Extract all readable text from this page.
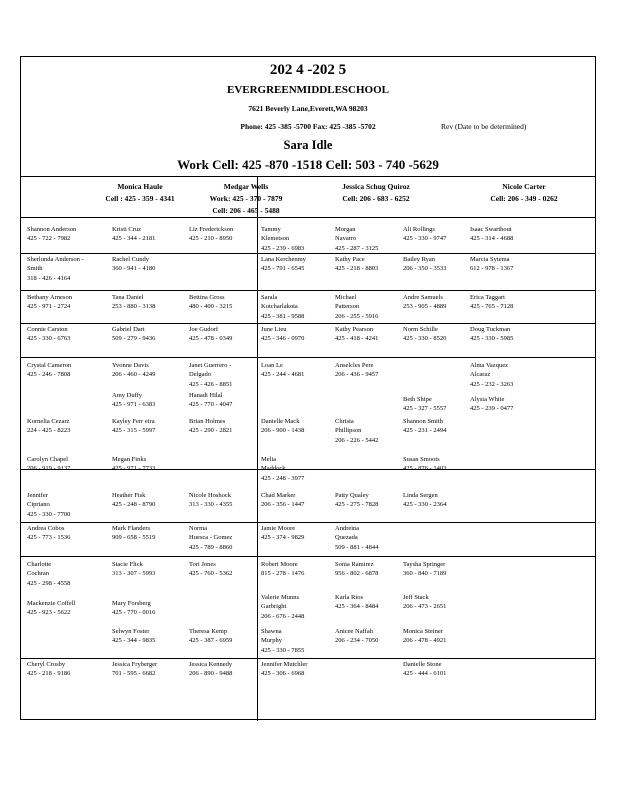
202 4 -202 5
EVERGREENMIDDLESCHOOL
7621 Beverly Lane,Everett,WA 98203
Phone: 425 -385 -5700 Fax: 425 -385 -5702	Rev (Date to be determined)
Sara Idle
Work Cell: 425 -870 -1518 Cell: 503 - 740 -5629
Monica Haule
Cell : 425 - 359 - 4341
Medgar Wells
Work: 425 - 370 - 7879
Cell: 206 - 465 - 5488
Jessica Schug Quiroz
Cell: 206 - 683 - 6252
Nicole Carter
Cell: 206 - 349 - 0262
Shannon Anderson
425 - 722 - 7982
Kristi Cruz
425 - 344 - 2181
Liz Frederickson
425 - 210 - 8950
Tammy
Klemetson
425 - 239 - 6983
Morgan
Navarro
425 - 287 - 3125
Ali Rollings
425 - 330 - 9747
Isaac Swarthout
425 - 314 - 4688
Sherlunda Anderson -
Smith
318 - 426 - 4164
Rachel Cundy
360 - 941 - 4180
Lana Kerchenmy
425 - 791 - 6545
Kathy Pace
425 - 218 - 8803
Bailey Ryan
206 - 350 - 3533
Marcia Sytema
612 - 978 - 1367
Bethany Arneson
425 - 971 - 2724
Tana Daniel
253 - 880 - 3138
Bettina Gross
480 - 400 - 3215
Sarala
Kotcharlakota
425 - 381 - 9588
Michael
Patterson
206 - 255 - 5916
Andre Samuels
253 - 905 - 4889
Erica Taggart
425 - 765 - 7128
Connie Carston
425 - 330 - 6763
Gabriel Dart
509 - 279 - 9436
Joe Gudorf
425 - 478 - 0349
June Lieu
425 - 346 - 0970
Kathy Pearson
425 - 418 - 4241
Norm Schille
425 - 330 - 8520
Doug Tuckman
425 - 330 - 5985
Crystal Cameron
425 - 246 - 7808
Yvonne Davis
206 - 460 - 4249
Janet Guerrero -
Delgado
425 - 426 - 8851
Loan Le
425 - 244 - 4681
Anselcles Pere
206 - 436 - 9457
Alma Vazquez
Alcaraz
425 - 232 - 3263
Amy Duffy
425 - 971 - 6383
Hanadi Hilal
425 - 770 - 4047
Beth Shipe
425 - 327 - 5557
Alysia White
425 - 239 - 0477
Kornelia Cezarz
224 - 425 - 8223
Kayley Ferr eira
425 - 315 - 5997
Brian Holmes
425 - 290 - 2821
Danielle Mack
206 - 900 - 1438
Christa
Phillipson
206 - 226 - 5442
Shannon Smith
425 - 231 - 2494
Carolyn Chapel
206 - 919 - 9137
Megan Finks
425 - 971 - 7733
Melia
Maddock
425 - 248 - 3977
Susan Smoots
425 - 876 - 1403
Jennifer
Cipriano
425 - 330 - 7700
Heather Fisk
425 - 248 - 8790
Nicole Hoshock
313 - 330 - 4355
Chad Marker
206 - 356 - 1447
Patty Qualey
425 - 275 - 7828
Linda Sergen
425 - 330 - 2364
Andrea Cobos
425 - 773 - 1536
Mark Flanders
909 - 658 - 5519
Norma
Huesca - Gomez
425 - 789 - 8860
Jamie Moore
425 - 374 - 9829
Andreina
Quezada
509 - 881 - 4844
Charlotte
Cochran
425 - 298 - 4558
Stacie Flick
313 - 307 - 5993
Tori Jones
425 - 760 - 5362
Robert Moore
815 - 278 - 1476
Sonia Ramirez
956 - 802 - 6878
Taysha Springer
360 - 840 - 7189
Mackenzie Coffell
425 - 923 - 5622
Mary Forsberg
425 - 770 - 0016
Valerie Munns
Garbright
206 - 676 - 2448
Karla Rios
425 - 364 - 8484
Jeff Stack
206 - 473 - 2651
Selwyn Foster
425 - 344 - 9835
Theresa Kemp
425 - 387 - 6959
Shawna
Murphy
425 - 330 - 7855
Anicee Naffah
206 - 234 - 7050
Monica Steiner
206 - 478 - 4921
Cheryl Crosby
425 - 218 - 9186
Jessica Fryberger
701 - 595 - 6682
Jessica Kennedy
206 - 890 - 9488
Jennifer Mutchler
425 - 306 - 6968
Danielle Stone
425 - 444 - 6101
